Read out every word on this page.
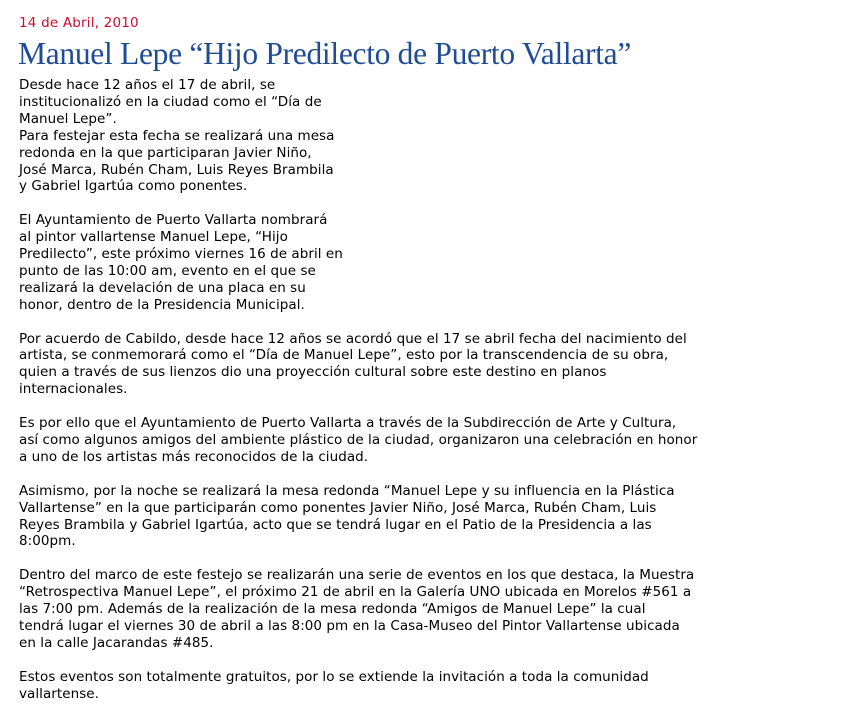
14 de Abril, 2010
Manuel Lepe “Hijo Predilecto de Puerto Vallarta”

Desde hace 12 años el 17 de abril, se
institucionalizó en la ciudad como el “Día de
Manuel Lepe”.
Para festejar esta fecha se realizará una mesa
redonda en la que participaran Javier Niño,
José Marca, Rubén Cham, Luis Reyes Brambila
y Gabriel Igartúa como ponentes.

El Ayuntamiento de Puerto Vallarta nombrará
al pintor vallartense Manuel Lepe, “Hijo
Predilecto”, este próximo viernes 16 de abril en
punto de las 10:00 am, evento en el que se
realizará la develación de una placa en su
honor, dentro de la Presidencia Municipal.

Por acuerdo de Cabildo, desde hace 12 años se acordó que el 17 se abril fecha del nacimiento del
artista, se conmemorará como el “Día de Manuel Lepe”, esto por la transcendencia de su obra,
quien a través de sus lienzos dio una proyección cultural sobre este destino en planos
internacionales.

Es por ello que el Ayuntamiento de Puerto Vallarta a través de la Subdirección de Arte y Cultura,
así como algunos amigos del ambiente plástico de la ciudad, organizaron una celebración en honor
a uno de los artistas más reconocidos de la ciudad.

Asimismo, por la noche se realizará la mesa redonda “Manuel Lepe y su influencia en la Plástica
Vallartense” en la que participarán como ponentes Javier Niño, José Marca, Rubén Cham, Luis
Reyes Brambila y Gabriel Igartúa, acto que se tendrá lugar en el Patio de la Presidencia a las
8:00pm.

Dentro del marco de este festejo se realizarán una serie de eventos en los que destaca, la Muestra
“Retrospectiva Manuel Lepe”, el próximo 21 de abril en la Galería UNO ubicada en Morelos #561 a
las 7:00 pm. Además de la realización de la mesa redonda “Amigos de Manuel Lepe” la cual
tendrá lugar el viernes 30 de abril a las 8:00 pm en la Casa-Museo del Pintor Vallartense ubicada
en la calle Jacarandas #485.

Estos eventos son totalmente gratuitos, por lo se extiende la invitación a toda la comunidad
vallartense.
